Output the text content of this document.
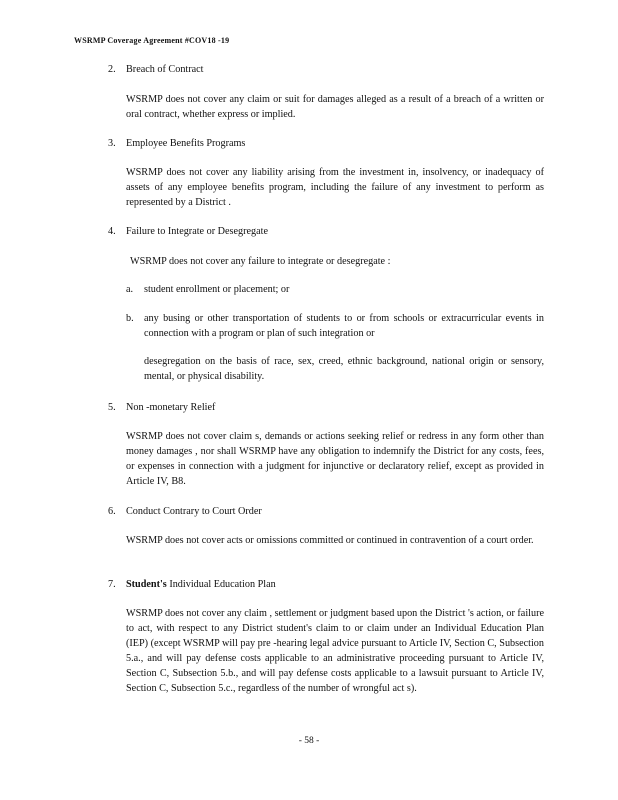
WSRMP Coverage Agreement #COV18 -19
2.	Breach of Contract
WSRMP does not cover any claim or suit for damages alleged as a result of a breach of a written or oral contract, whether express or implied.
3.	Employee Benefits Programs
WSRMP does not cover any liability arising from the investment in, insolvency, or inadequacy of assets of any employee benefits program, including the failure of any investment to perform as represented by a District .
4.	Failure to Integrate or Desegregate
WSRMP does not cover any failure to integrate or desegregate :
a.	student enrollment or placement; or
b.	any busing or other transportation of students to or from schools or extracurricular events in connection with a program or plan of such integration or
desegregation on the basis of race, sex, creed, ethnic background, national origin or sensory, mental, or physical disability.
5.	Non -monetary Relief
WSRMP does not cover claim s, demands or actions seeking relief or redress in any form other than money damages , nor shall WSRMP have any obligation to indemnify the District for any costs, fees, or expenses in connection with a judgment for injunctive or declaratory relief, except as provided in Article IV, B8.
6.	Conduct Contrary to Court Order
WSRMP does not cover acts or omissions committed or continued in contravention of a court order.
7.	Student's Individual Education Plan
WSRMP does not cover any claim , settlement or judgment based upon the District 's action, or failure to act, with respect to any District student's claim to or claim under an Individual Education Plan (IEP) (except WSRMP will pay pre -hearing legal advice pursuant to Article IV, Section C, Subsection 5.a., and will pay defense costs applicable to an administrative proceeding pursuant to Article IV, Section C, Subsection 5.b., and will pay defense costs applicable to a lawsuit pursuant to Article IV, Section C, Subsection 5.c., regardless of the number of wrongful act s).
- 58 -
